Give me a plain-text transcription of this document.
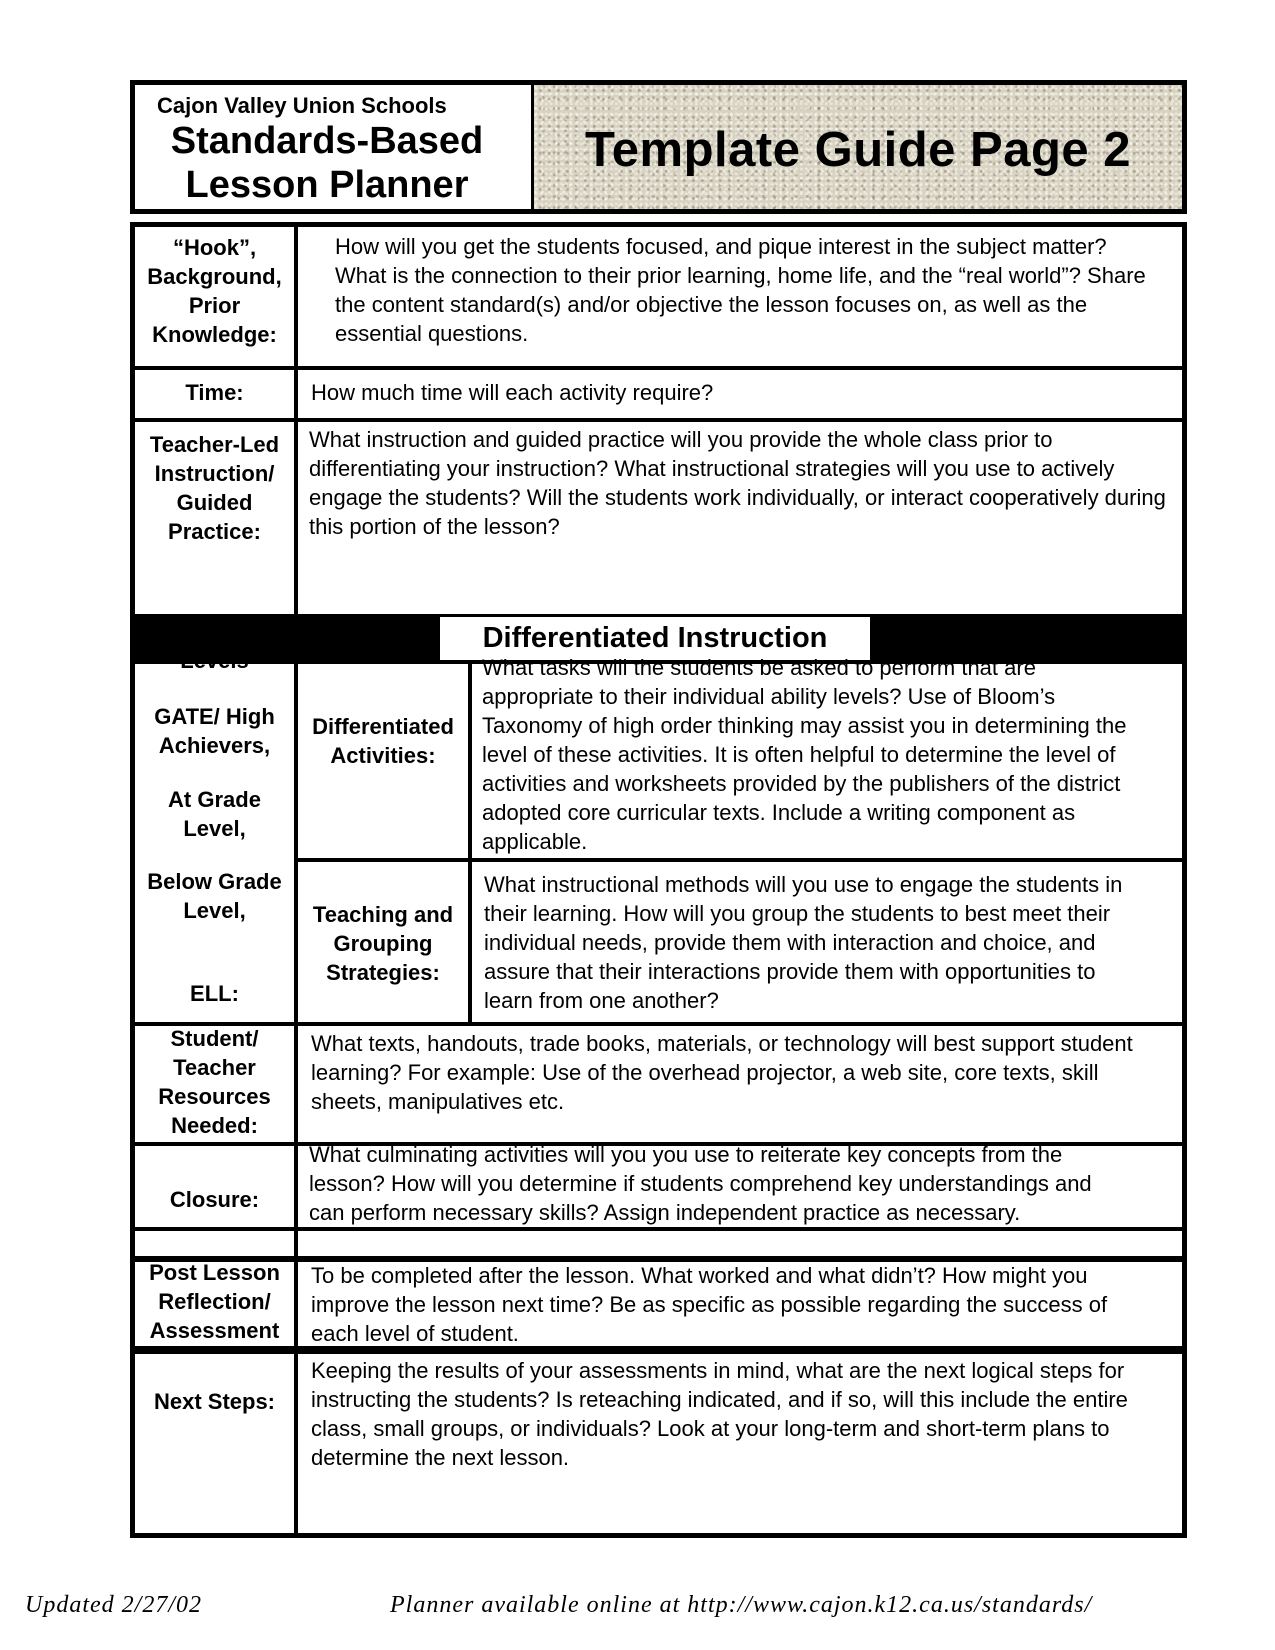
Cajon Valley Union Schools
Standards-Based
Lesson Planner
Template Guide Page 2
Differentiated Instruction
“Hook”, Background, Prior Knowledge:
How will you get the students focused, and pique interest in the subject matter? What is the connection to their prior learning, home life, and the “real world”? Share the content standard(s) and/or objective the lesson focuses on, as well as the essential questions.
Time:	How much time will each activity require?
Teacher-Led Instruction/ Guided Practice:
What instruction and guided practice will you provide the whole class prior to differentiating your instruction? What instructional strategies will you use to actively engage the students? Will the students work individually, or interact cooperatively during this portion of the lesson?
Levels
GATE/ High Achievers,
At Grade Level,
Below Grade Level,
ELL:
Differentiated Activities:
What tasks will the students be asked to perform that are appropriate to their individual ability levels? Use of Bloom’s Taxonomy of high order thinking may assist you in determining the level of these activities. It is often helpful to determine the level of activities and worksheets provided by the publishers of the district adopted core curricular texts. Include a writing component as applicable.
Teaching and Grouping Strategies:
What instructional methods will you use to engage the students in their learning. How will you group the students to best meet their individual needs, provide them with interaction and choice, and assure that their interactions provide them with opportunities to learn from one another?
Student/ Teacher Resources Needed:
What texts, handouts, trade books, materials, or technology will best support student learning? For example: Use of the overhead projector, a web site, core texts, skill sheets, manipulatives etc.
Closure:
What culminating activities will you you use to reiterate key concepts from the lesson? How will you determine if students comprehend key understandings and can perform necessary skills? Assign independent practice as necessary.
Post Lesson Reflection/ Assessment
To be completed after the lesson. What worked and what didn’t? How might you improve the lesson next time? Be as specific as possible regarding the success of each level of student.
Next Steps:
Keeping the results of your assessments in mind, what are the next logical steps for instructing the students? Is reteaching indicated, and if so, will this include the entire class, small groups, or individuals? Look at your long-term and short-term plans to determine the next lesson.
Updated 2/27/02	Planner available online at http://www.cajon.k12.ca.us/standards/
